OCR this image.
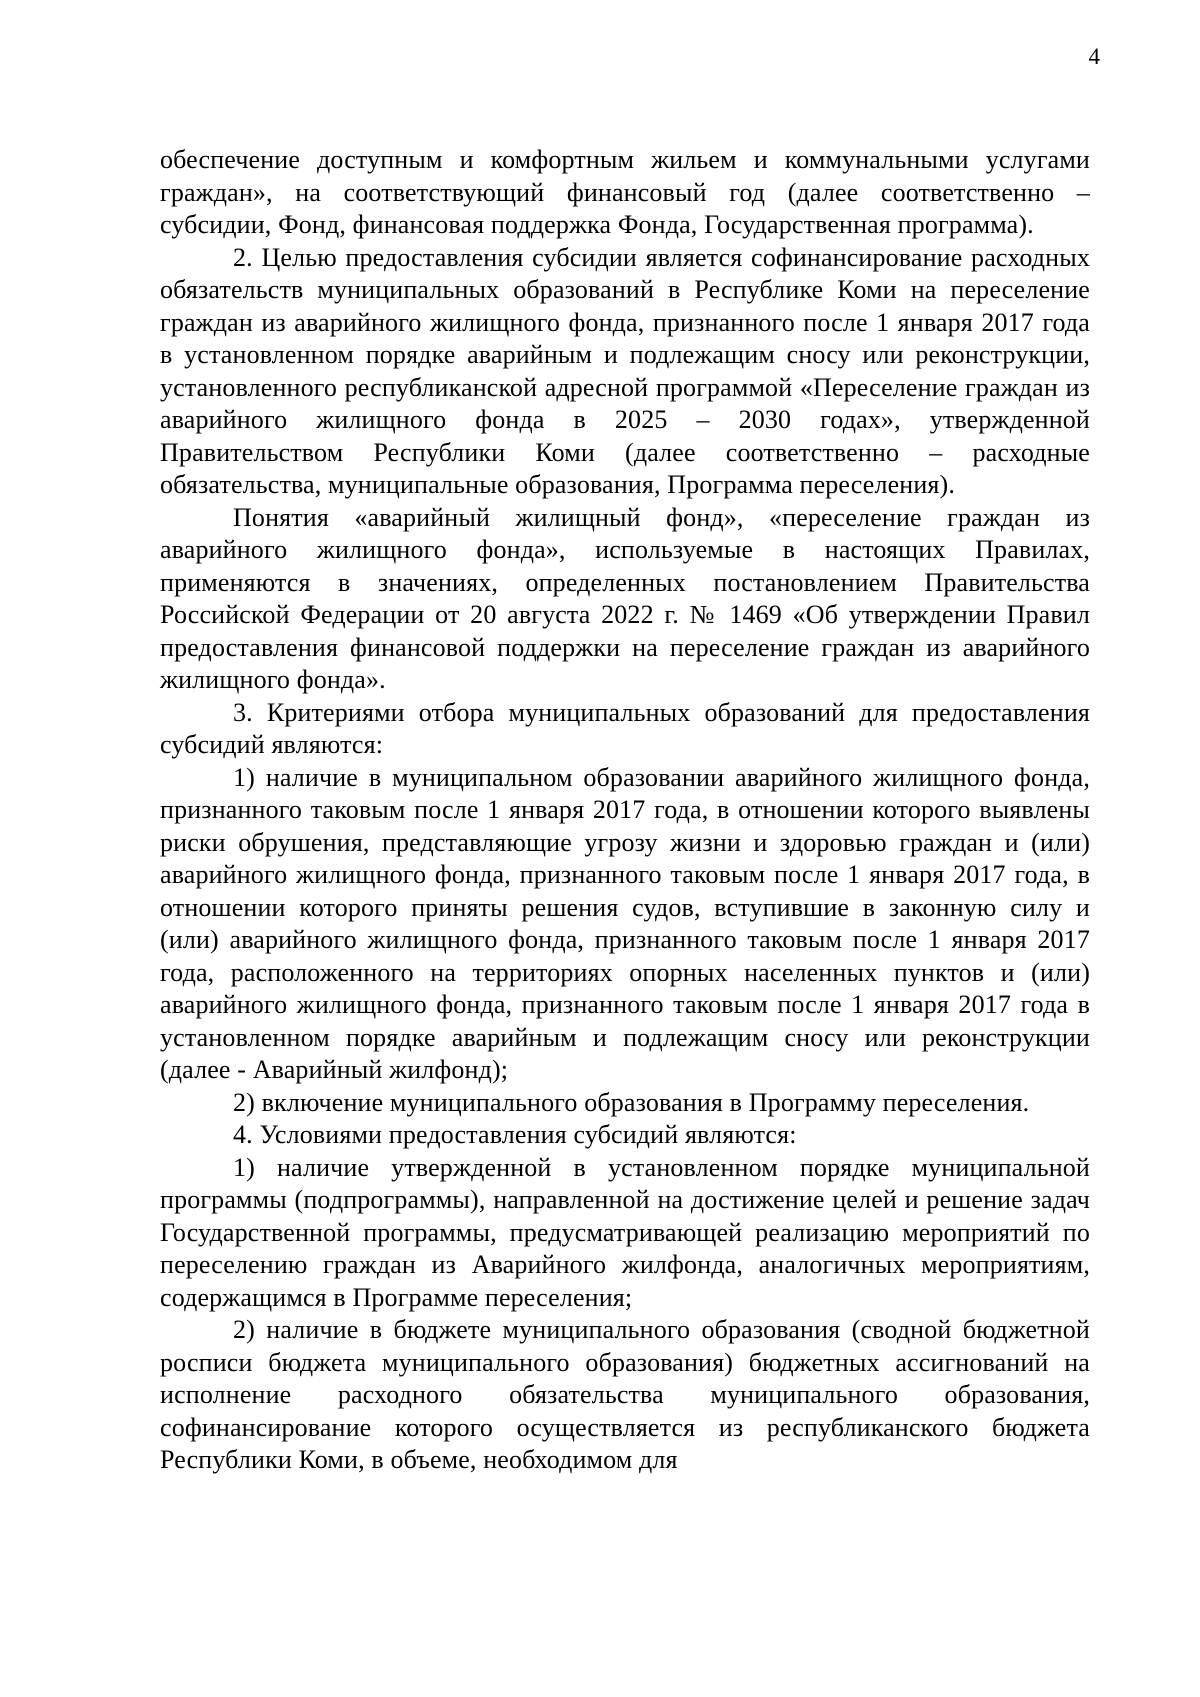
4

обеспечение доступным и комфортным жильем и коммунальными услугами граждан», на соответствующий финансовый год (далее соответственно – субсидии, Фонд, финансовая поддержка Фонда, Государственная программа).

2. Целью предоставления субсидии является софинансирование расходных обязательств муниципальных образований в Республике Коми на переселение граждан из аварийного жилищного фонда, признанного после 1 января 2017 года в установленном порядке аварийным и подлежащим сносу или реконструкции, установленного республиканской адресной программой «Переселение граждан из аварийного жилищного фонда в 2025 – 2030 годах», утвержденной Правительством Республики Коми (далее соответственно – расходные обязательства, муниципальные образования, Программа переселения).

Понятия «аварийный жилищный фонд», «переселение граждан из аварийного жилищного фонда», используемые в настоящих Правилах, применяются в значениях, определенных постановлением Правительства Российской Федерации от 20 августа 2022 г. № 1469 «Об утверждении Правил предоставления финансовой поддержки на переселение граждан из аварийного жилищного фонда».

3. Критериями отбора муниципальных образований для предоставления субсидий являются:

1) наличие в муниципальном образовании аварийного жилищного фонда, признанного таковым после 1 января 2017 года, в отношении которого выявлены риски обрушения, представляющие угрозу жизни и здоровью граждан и (или) аварийного жилищного фонда, признанного таковым после 1 января 2017 года, в отношении которого приняты решения судов, вступившие в законную силу и (или) аварийного жилищного фонда, признанного таковым после 1 января 2017 года, расположенного на территориях опорных населенных пунктов и (или) аварийного жилищного фонда, признанного таковым после 1 января 2017 года в установленном порядке аварийным и подлежащим сносу или реконструкции (далее - Аварийный жилфонд);

2) включение муниципального образования в Программу переселения.

4. Условиями предоставления субсидий являются:

1) наличие утвержденной в установленном порядке муниципальной программы (подпрограммы), направленной на достижение целей и решение задач Государственной программы, предусматривающей реализацию мероприятий по переселению граждан из Аварийного жилфонда, аналогичных мероприятиям, содержащимся в Программе переселения;

2) наличие в бюджете муниципального образования (сводной бюджетной росписи бюджета муниципального образования) бюджетных ассигнований на исполнение расходного обязательства муниципального образования, софинансирование которого осуществляется из республиканского бюджета Республики Коми, в объеме, необходимом для
